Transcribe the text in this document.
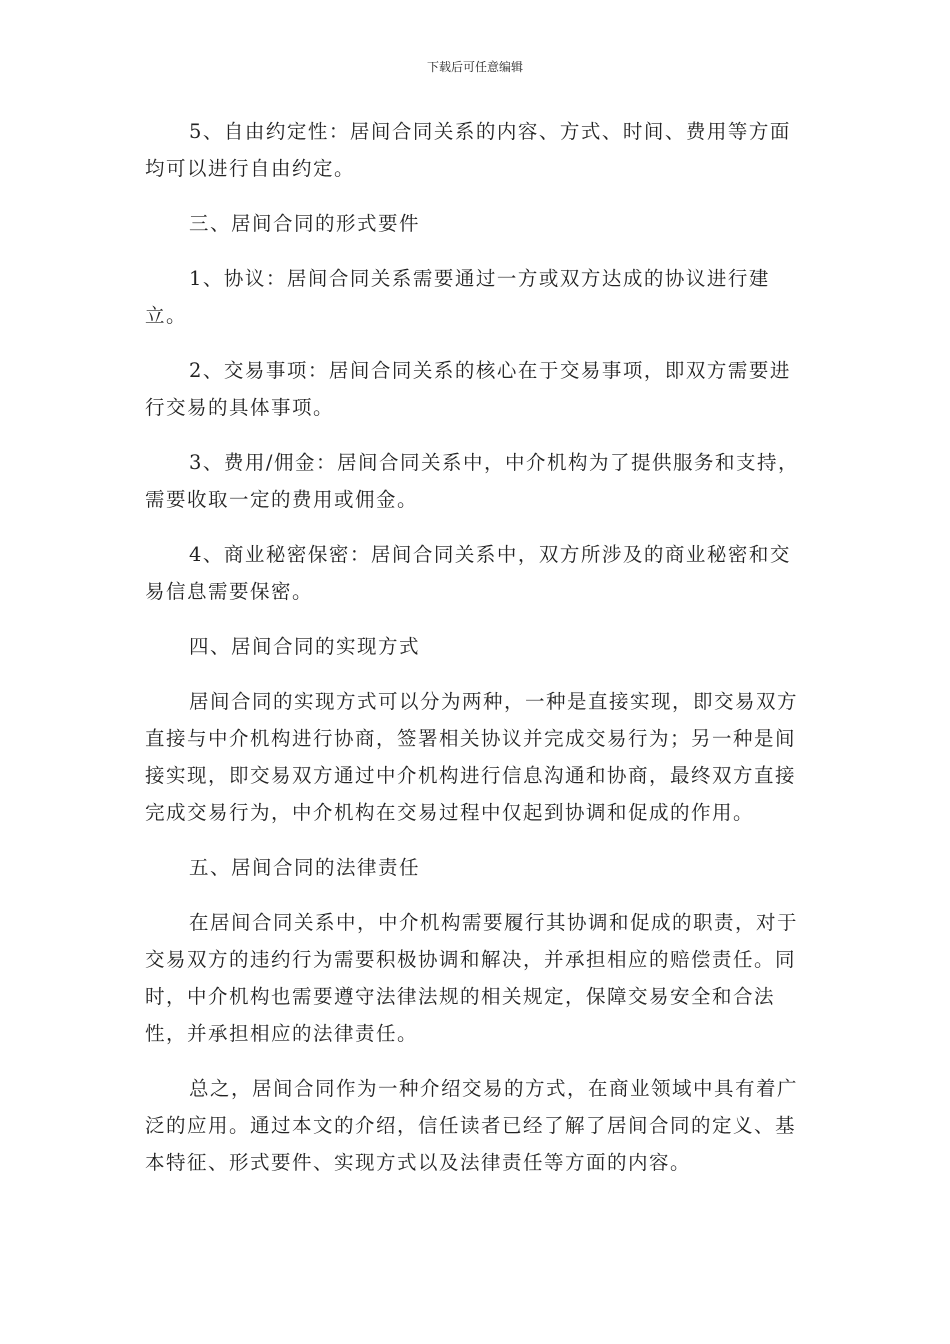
下载后可任意编辑

5、自由约定性：居间合同关系的内容、方式、时间、费用等方面均可以进行自由约定。

三、居间合同的形式要件

1、协议：居间合同关系需要通过一方或双方达成的协议进行建立。

2、交易事项：居间合同关系的核心在于交易事项，即双方需要进行交易的具体事项。

3、费用/佣金：居间合同关系中，中介机构为了提供服务和支持，需要收取一定的费用或佣金。

4、商业秘密保密：居间合同关系中，双方所涉及的商业秘密和交易信息需要保密。

四、居间合同的实现方式

居间合同的实现方式可以分为两种，一种是直接实现，即交易双方直接与中介机构进行协商，签署相关协议并完成交易行为；另一种是间接实现，即交易双方通过中介机构进行信息沟通和协商，最终双方直接完成交易行为，中介机构在交易过程中仅起到协调和促成的作用。

五、居间合同的法律责任

在居间合同关系中，中介机构需要履行其协调和促成的职责，对于交易双方的违约行为需要积极协调和解决，并承担相应的赔偿责任。同时，中介机构也需要遵守法律法规的相关规定，保障交易安全和合法性，并承担相应的法律责任。

总之，居间合同作为一种介绍交易的方式，在商业领域中具有着广泛的应用。通过本文的介绍，信任读者已经了解了居间合同的定义、基本特征、形式要件、实现方式以及法律责任等方面的内容。
